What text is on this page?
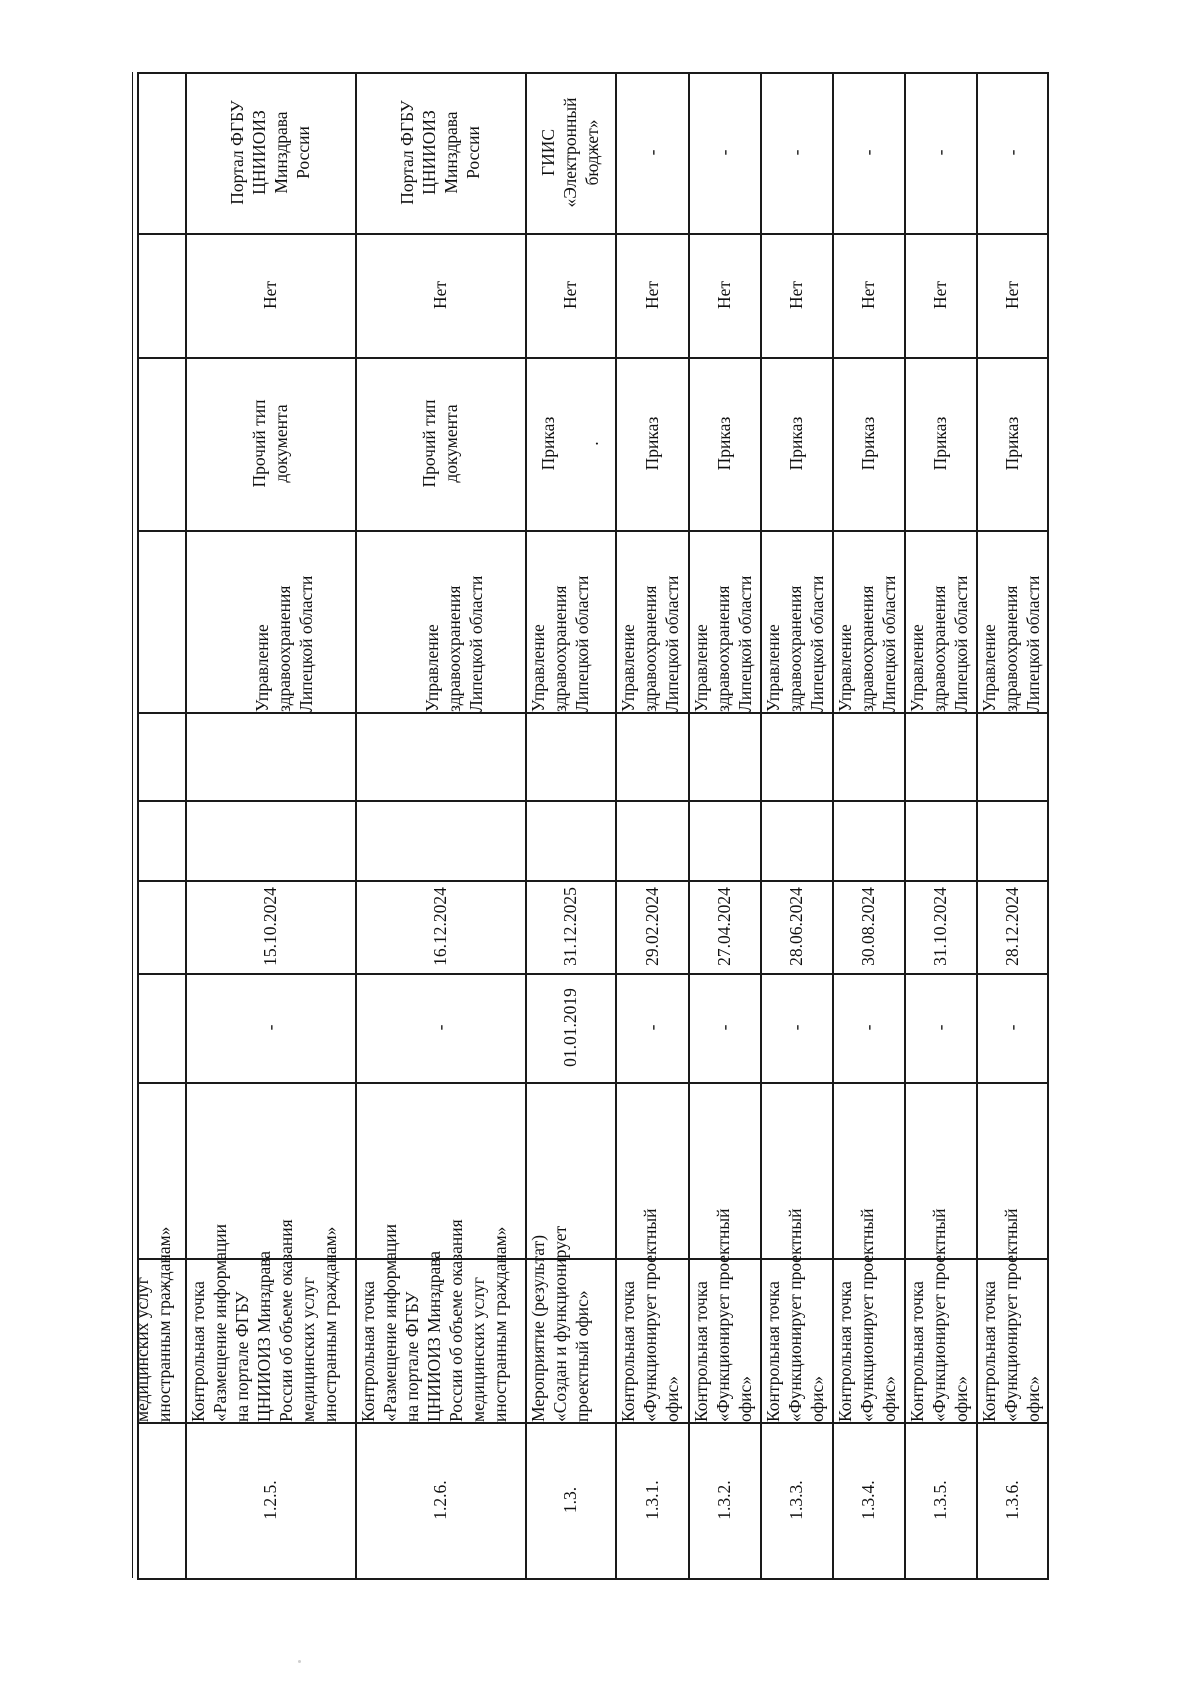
медицинских услуг
иностранным гражданам»
1.2.5.
Контрольная точка
«Размещение информации
на портале ФГБУ
ЦНИИОИЗ Минздрава
России об объеме оказания
медицинских услуг
иностранным гражданам»
-
15.10.2024
Управление
здравоохранения
Липецкой области
Прочий тип
документа
Нет
Портал ФГБУ
ЦНИИОИЗ
Минздрава
России
1.2.6.
Контрольная точка
«Размещение информации
на портале ФГБУ
ЦНИИОИЗ Минздрава
России об объеме оказания
медицинских услуг
иностранным гражданам»
-
16.12.2024
Управление
здравоохранения
Липецкой области
Прочий тип
документа
Нет
Портал ФГБУ
ЦНИИОИЗ
Минздрава
России
1.3.
Мероприятие (результат)
«Создан и функционирует
проектный офис»
01.01.2019
31.12.2025
Управление
здравоохранения
Липецкой области
Приказ

.
Нет
ГИИС
«Электронный
бюджет»
1.3.1.
Контрольная точка
«Функционирует проектный
офис»
-
29.02.2024
Управление
здравоохранения
Липецкой области
Приказ
Нет
-
1.3.2.
Контрольная точка
«Функционирует проектный
офис»
-
27.04.2024
Управление
здравоохранения
Липецкой области
Приказ
Нет
-
1.3.3.
Контрольная точка
«Функционирует проектный
офис»
-
28.06.2024
Управление
здравоохранения
Липецкой области
Приказ
Нет
-
1.3.4.
Контрольная точка
«Функционирует проектный
офис»
-
30.08.2024
Управление
здравоохранения
Липецкой области
Приказ
Нет
-
1.3.5.
Контрольная точка
«Функционирует проектный
офис»
-
31.10.2024
Управление
здравоохранения
Липецкой области
Приказ
Нет
-
1.3.6.
Контрольная точка
«Функционирует проектный
офис»
-
28.12.2024
Управление
здравоохранения
Липецкой области
Приказ
Нет
-
